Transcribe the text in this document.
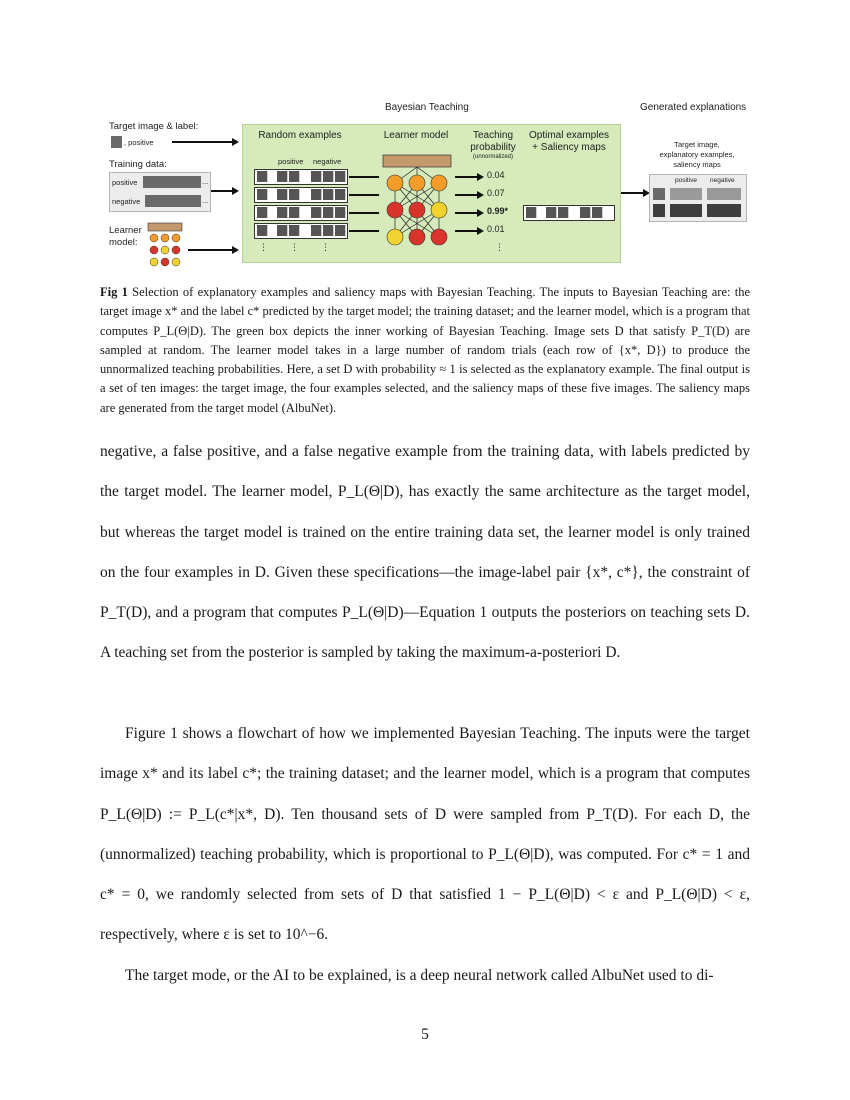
Bayesian Teaching	Generated explanations
Target image & label:
, positive
Training data:
positive	...
negative	...
Learner
model:
Random examples	Learner model	Teaching
probability
(unnormalized)
Optimal examples
+ Saliency maps
positive negative
⋮ ⋮ ⋮
0.04
0.07
0.99*
0.01
⋮
Target image,
explanatory examples,
saliency maps
positive negative
Fig 1 Selection of explanatory examples and saliency maps with Bayesian Teaching. The inputs to Bayesian Teaching are: the target image x* and the label c* predicted by the target model; the training dataset; and the learner model, which is a program that computes P_L(Θ|D). The green box depicts the inner working of Bayesian Teaching. Image sets D that satisfy P_T(D) are sampled at random. The learner model takes in a large number of random trials (each row of {x*, D}) to produce the unnormalized teaching probabilities. Here, a set D with probability ≈ 1 is selected as the explanatory example. The final output is a set of ten images: the target image, the four examples selected, and the saliency maps of these five images. The saliency maps are generated from the target model (AlbuNet).
negative, a false positive, and a false negative example from the training data, with labels predicted by the target model. The learner model, P_L(Θ|D), has exactly the same architecture as the target model, but whereas the target model is trained on the entire training data set, the learner model is only trained on the four examples in D. Given these specifications—the image-label pair {x*, c*}, the constraint of P_T(D), and a program that computes P_L(Θ|D)—Equation 1 outputs the posteriors on teaching sets D. A teaching set from the posterior is sampled by taking the maximum-a-posteriori D.
Figure 1 shows a flowchart of how we implemented Bayesian Teaching. The inputs were the target image x* and its label c*; the training dataset; and the learner model, which is a program that computes P_L(Θ|D) := P_L(c*|x*, D). Ten thousand sets of D were sampled from P_T(D). For each D, the (unnormalized) teaching probability, which is proportional to P_L(Θ|D), was computed. For c* = 1 and c* = 0, we randomly selected from sets of D that satisfied 1 − P_L(Θ|D) < ε and P_L(Θ|D) < ε, respectively, where ε is set to 10^−6.
The target mode, or the AI to be explained, is a deep neural network called AlbuNet used to di-
5
